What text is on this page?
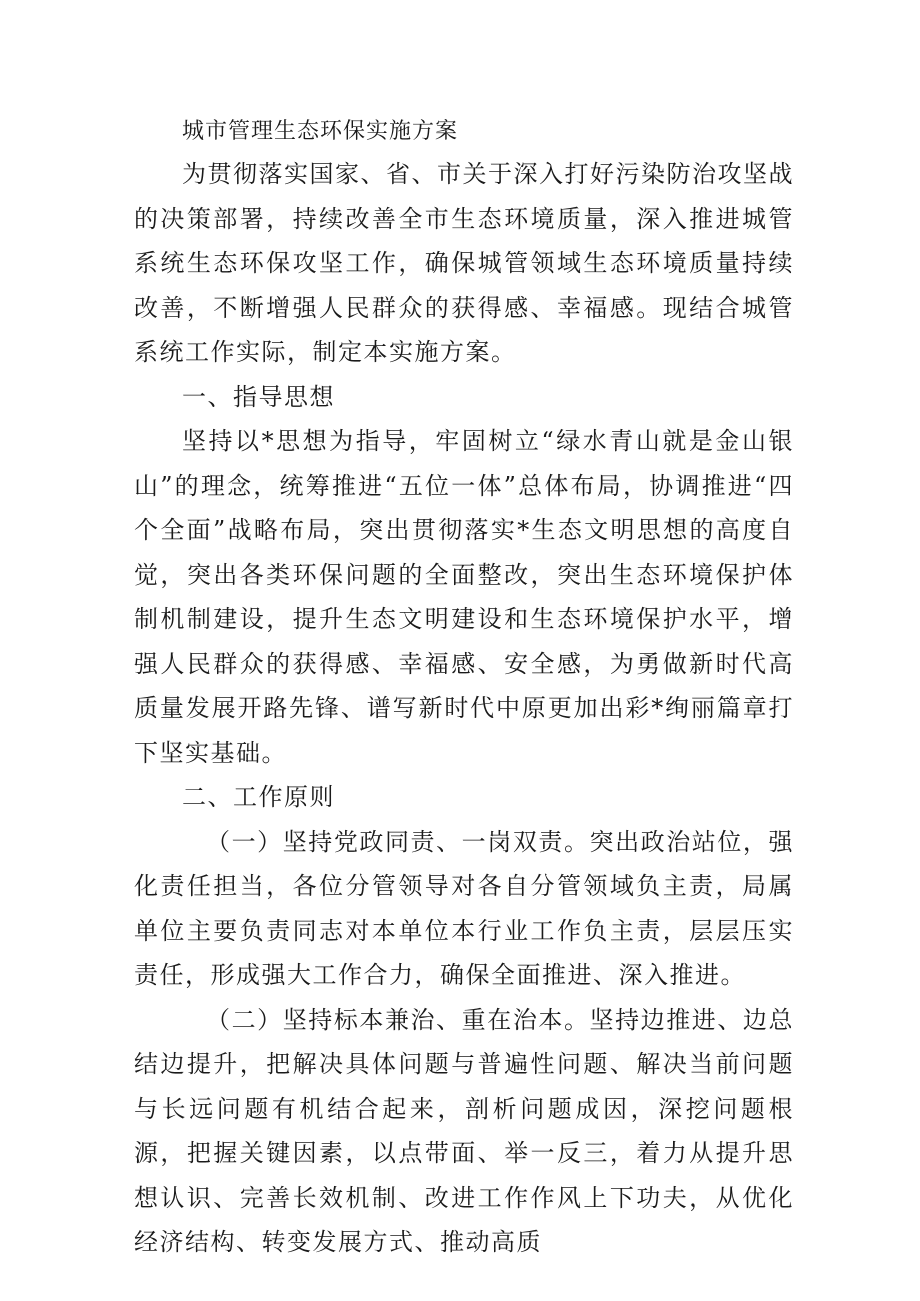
城市管理生态环保实施方案

为贯彻落实国家、省、市关于深入打好污染防治攻坚战的决策部署，持续改善全市生态环境质量，深入推进城管系统生态环保攻坚工作，确保城管领域生态环境质量持续改善，不断增强人民群众的获得感、幸福感。现结合城管系统工作实际，制定本实施方案。

一、指导思想

坚持以*思想为指导，牢固树立“绿水青山就是金山银山”的理念，统筹推进“五位一体”总体布局，协调推进“四个全面”战略布局，突出贯彻落实*生态文明思想的高度自觉，突出各类环保问题的全面整改，突出生态环境保护体制机制建设，提升生态文明建设和生态环境保护水平，增强人民群众的获得感、幸福感、安全感，为勇做新时代高质量发展开路先锋、谱写新时代中原更加出彩*绚丽篇章打下坚实基础。

二、工作原则

（一）坚持党政同责、一岗双责。突出政治站位，强化责任担当，各位分管领导对各自分管领域负主责，局属单位主要负责同志对本单位本行业工作负主责，层层压实责任，形成强大工作合力，确保全面推进、深入推进。

（二）坚持标本兼治、重在治本。坚持边推进、边总结边提升，把解决具体问题与普遍性问题、解决当前问题与长远问题有机结合起来，剖析问题成因，深挖问题根源，把握关键因素，以点带面、举一反三，着力从提升思想认识、完善长效机制、改进工作作风上下功夫，从优化经济结构、转变发展方式、推动高质
